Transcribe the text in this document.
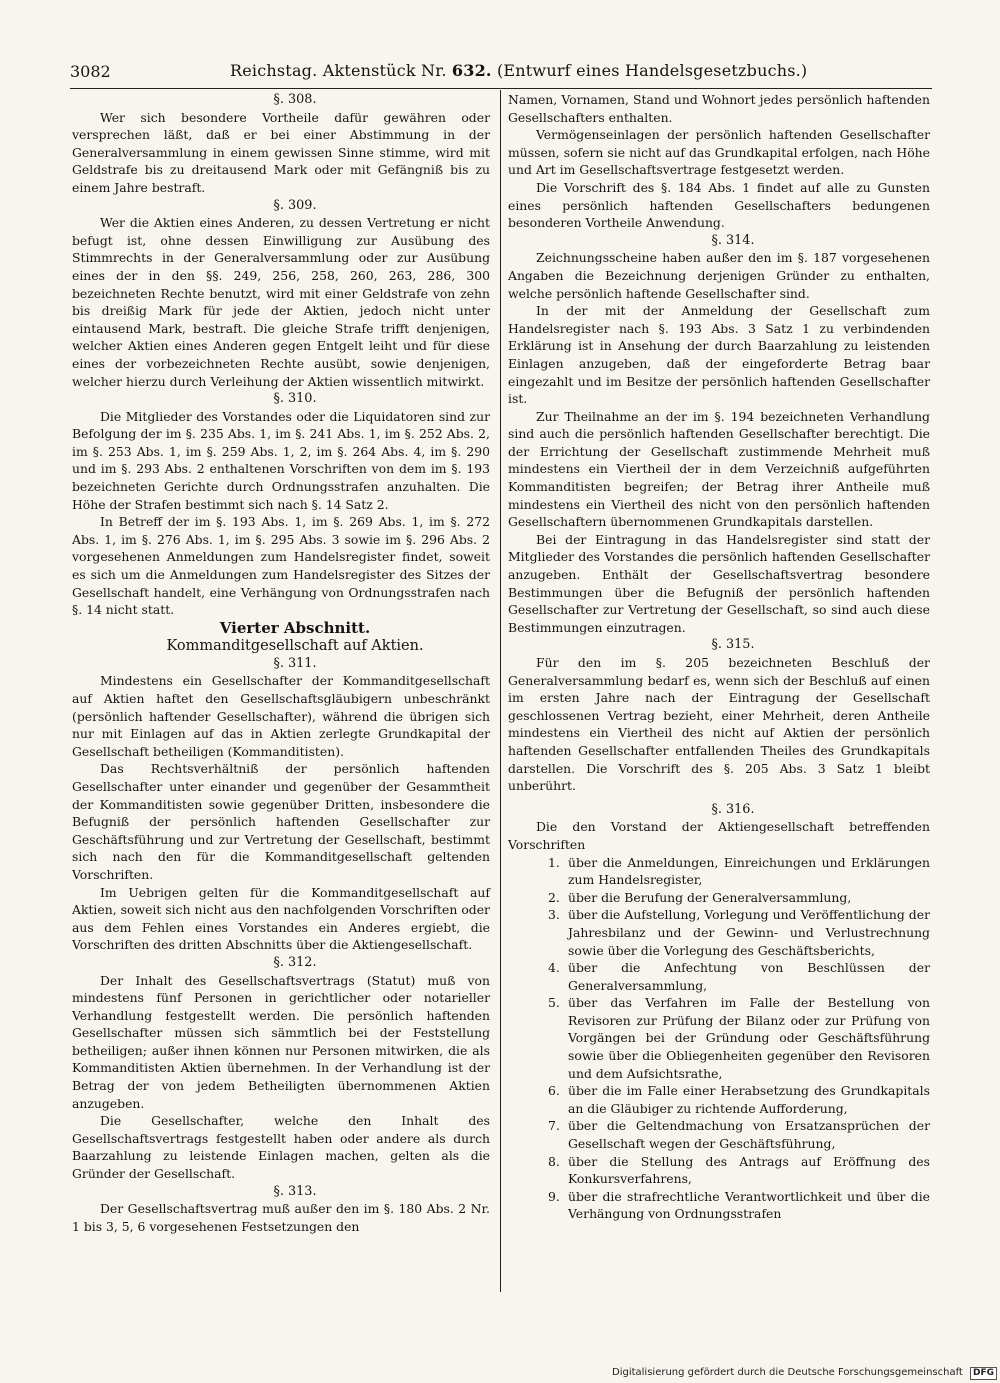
3082	Reichstag. Aktenstück Nr. 632. (Entwurf eines Handelsgesetzbuchs.)

§. 308.

Wer sich besondere Vortheile dafür gewähren oder versprechen läßt, daß er bei einer Abstimmung in der Generalversammlung in einem gewissen Sinne stimme, wird mit Geldstrafe bis zu dreitausend Mark oder mit Gefängniß bis zu einem Jahre bestraft.

§. 309.

Wer die Aktien eines Anderen, zu dessen Vertretung er nicht befugt ist, ohne dessen Einwilligung zur Ausübung des Stimmrechts in der Generalversammlung oder zur Ausübung eines der in den §§. 249, 256, 258, 260, 263, 286, 300 bezeichneten Rechte benutzt, wird mit einer Geldstrafe von zehn bis dreißig Mark für jede der Aktien, jedoch nicht unter eintausend Mark, bestraft. Die gleiche Strafe trifft denjenigen, welcher Aktien eines Anderen gegen Entgelt leiht und für diese eines der vorbezeichneten Rechte ausübt, sowie denjenigen, welcher hierzu durch Verleihung der Aktien wissentlich mitwirkt.

§. 310.

Die Mitglieder des Vorstandes oder die Liquidatoren sind zur Befolgung der im §. 235 Abs. 1, im §. 241 Abs. 1, im §. 252 Abs. 2, im §. 253 Abs. 1, im §. 259 Abs. 1, 2, im §. 264 Abs. 4, im §. 290 und im §. 293 Abs. 2 enthaltenen Vorschriften von dem im §. 193 bezeichneten Gerichte durch Ordnungsstrafen anzuhalten. Die Höhe der Strafen bestimmt sich nach §. 14 Satz 2.

In Betreff der im §. 193 Abs. 1, im §. 269 Abs. 1, im §. 272 Abs. 1, im §. 276 Abs. 1, im §. 295 Abs. 3 sowie im §. 296 Abs. 2 vorgesehenen Anmeldungen zum Handelsregister findet, soweit es sich um die Anmeldungen zum Handelsregister des Sitzes der Gesellschaft handelt, eine Verhängung von Ordnungsstrafen nach §. 14 nicht statt.

Vierter Abschnitt.

Kommanditgesellschaft auf Aktien.

§. 311.

Mindestens ein Gesellschafter der Kommanditgesellschaft auf Aktien haftet den Gesellschaftsgläubigern unbeschränkt (persönlich haftender Gesellschafter), während die übrigen sich nur mit Einlagen auf das in Aktien zerlegte Grundkapital der Gesellschaft betheiligen (Kommanditisten).

Das Rechtsverhältniß der persönlich haftenden Gesellschafter unter einander und gegenüber der Gesammtheit der Kommanditisten sowie gegenüber Dritten, insbesondere die Befugniß der persönlich haftenden Gesellschafter zur Geschäftsführung und zur Vertretung der Gesellschaft, bestimmt sich nach den für die Kommanditgesellschaft geltenden Vorschriften.

Im Uebrigen gelten für die Kommanditgesellschaft auf Aktien, soweit sich nicht aus den nachfolgenden Vorschriften oder aus dem Fehlen eines Vorstandes ein Anderes ergiebt, die Vorschriften des dritten Abschnitts über die Aktiengesellschaft.

§. 312.

Der Inhalt des Gesellschaftsvertrags (Statut) muß von mindestens fünf Personen in gerichtlicher oder notarieller Verhandlung festgestellt werden. Die persönlich haftenden Gesellschafter müssen sich sämmtlich bei der Feststellung betheiligen; außer ihnen können nur Personen mitwirken, die als Kommanditisten Aktien übernehmen. In der Verhandlung ist der Betrag der von jedem Betheiligten übernommenen Aktien anzugeben.

Die Gesellschafter, welche den Inhalt des Gesellschaftsvertrags festgestellt haben oder andere als durch Baarzahlung zu leistende Einlagen machen, gelten als die Gründer der Gesellschaft.

§. 313.

Der Gesellschaftsvertrag muß außer den im §. 180 Abs. 2 Nr. 1 bis 3, 5, 6 vorgesehenen Festsetzungen den

Namen, Vornamen, Stand und Wohnort jedes persönlich haftenden Gesellschafters enthalten.

Vermögenseinlagen der persönlich haftenden Gesellschafter müssen, sofern sie nicht auf das Grundkapital erfolgen, nach Höhe und Art im Gesellschaftsvertrage festgesetzt werden.

Die Vorschrift des §. 184 Abs. 1 findet auf alle zu Gunsten eines persönlich haftenden Gesellschafters bedungenen besonderen Vortheile Anwendung.

§. 314.

Zeichnungsscheine haben außer den im §. 187 vorgesehenen Angaben die Bezeichnung derjenigen Gründer zu enthalten, welche persönlich haftende Gesellschafter sind.

In der mit der Anmeldung der Gesellschaft zum Handelsregister nach §. 193 Abs. 3 Satz 1 zu verbindenden Erklärung ist in Ansehung der durch Baarzahlung zu leistenden Einlagen anzugeben, daß der eingeforderte Betrag baar eingezahlt und im Besitze der persönlich haftenden Gesellschafter ist.

Zur Theilnahme an der im §. 194 bezeichneten Verhandlung sind auch die persönlich haftenden Gesellschafter berechtigt. Die der Errichtung der Gesellschaft zustimmende Mehrheit muß mindestens ein Viertheil der in dem Verzeichniß aufgeführten Kommanditisten begreifen; der Betrag ihrer Antheile muß mindestens ein Viertheil des nicht von den persönlich haftenden Gesellschaftern übernommenen Grundkapitals darstellen.

Bei der Eintragung in das Handelsregister sind statt der Mitglieder des Vorstandes die persönlich haftenden Gesellschafter anzugeben. Enthält der Gesellschaftsvertrag besondere Bestimmungen über die Befugniß der persönlich haftenden Gesellschafter zur Vertretung der Gesellschaft, so sind auch diese Bestimmungen einzutragen.

§. 315.

Für den im §. 205 bezeichneten Beschluß der Generalversammlung bedarf es, wenn sich der Beschluß auf einen im ersten Jahre nach der Eintragung der Gesellschaft geschlossenen Vertrag bezieht, einer Mehrheit, deren Antheile mindestens ein Viertheil des nicht auf Aktien der persönlich haftenden Gesellschafter entfallenden Theiles des Grundkapitals darstellen. Die Vorschrift des §. 205 Abs. 3 Satz 1 bleibt unberührt.

§. 316.

Die den Vorstand der Aktiengesellschaft betreffenden Vorschriften

1. über die Anmeldungen, Einreichungen und Erklärungen zum Handelsregister,
2. über die Berufung der Generalversammlung,
3. über die Aufstellung, Vorlegung und Veröffentlichung der Jahresbilanz und der Gewinn- und Verlustrechnung sowie über die Vorlegung des Geschäftsberichts,
4. über die Anfechtung von Beschlüssen der Generalversammlung,
5. über das Verfahren im Falle der Bestellung von Revisoren zur Prüfung der Bilanz oder zur Prüfung von Vorgängen bei der Gründung oder Geschäftsführung sowie über die Obliegenheiten gegenüber den Revisoren und dem Aufsichtsrathe,
6. über die im Falle einer Herabsetzung des Grundkapitals an die Gläubiger zu richtende Aufforderung,
7. über die Geltendmachung von Ersatzansprüchen der Gesellschaft wegen der Geschäftsführung,
8. über die Stellung des Antrags auf Eröffnung des Konkursverfahrens,
9. über die strafrechtliche Verantwortlichkeit und über die Verhängung von Ordnungsstrafen
Digitalisierung gefördert durch die Deutsche Forschungsgemeinschaft DFG
